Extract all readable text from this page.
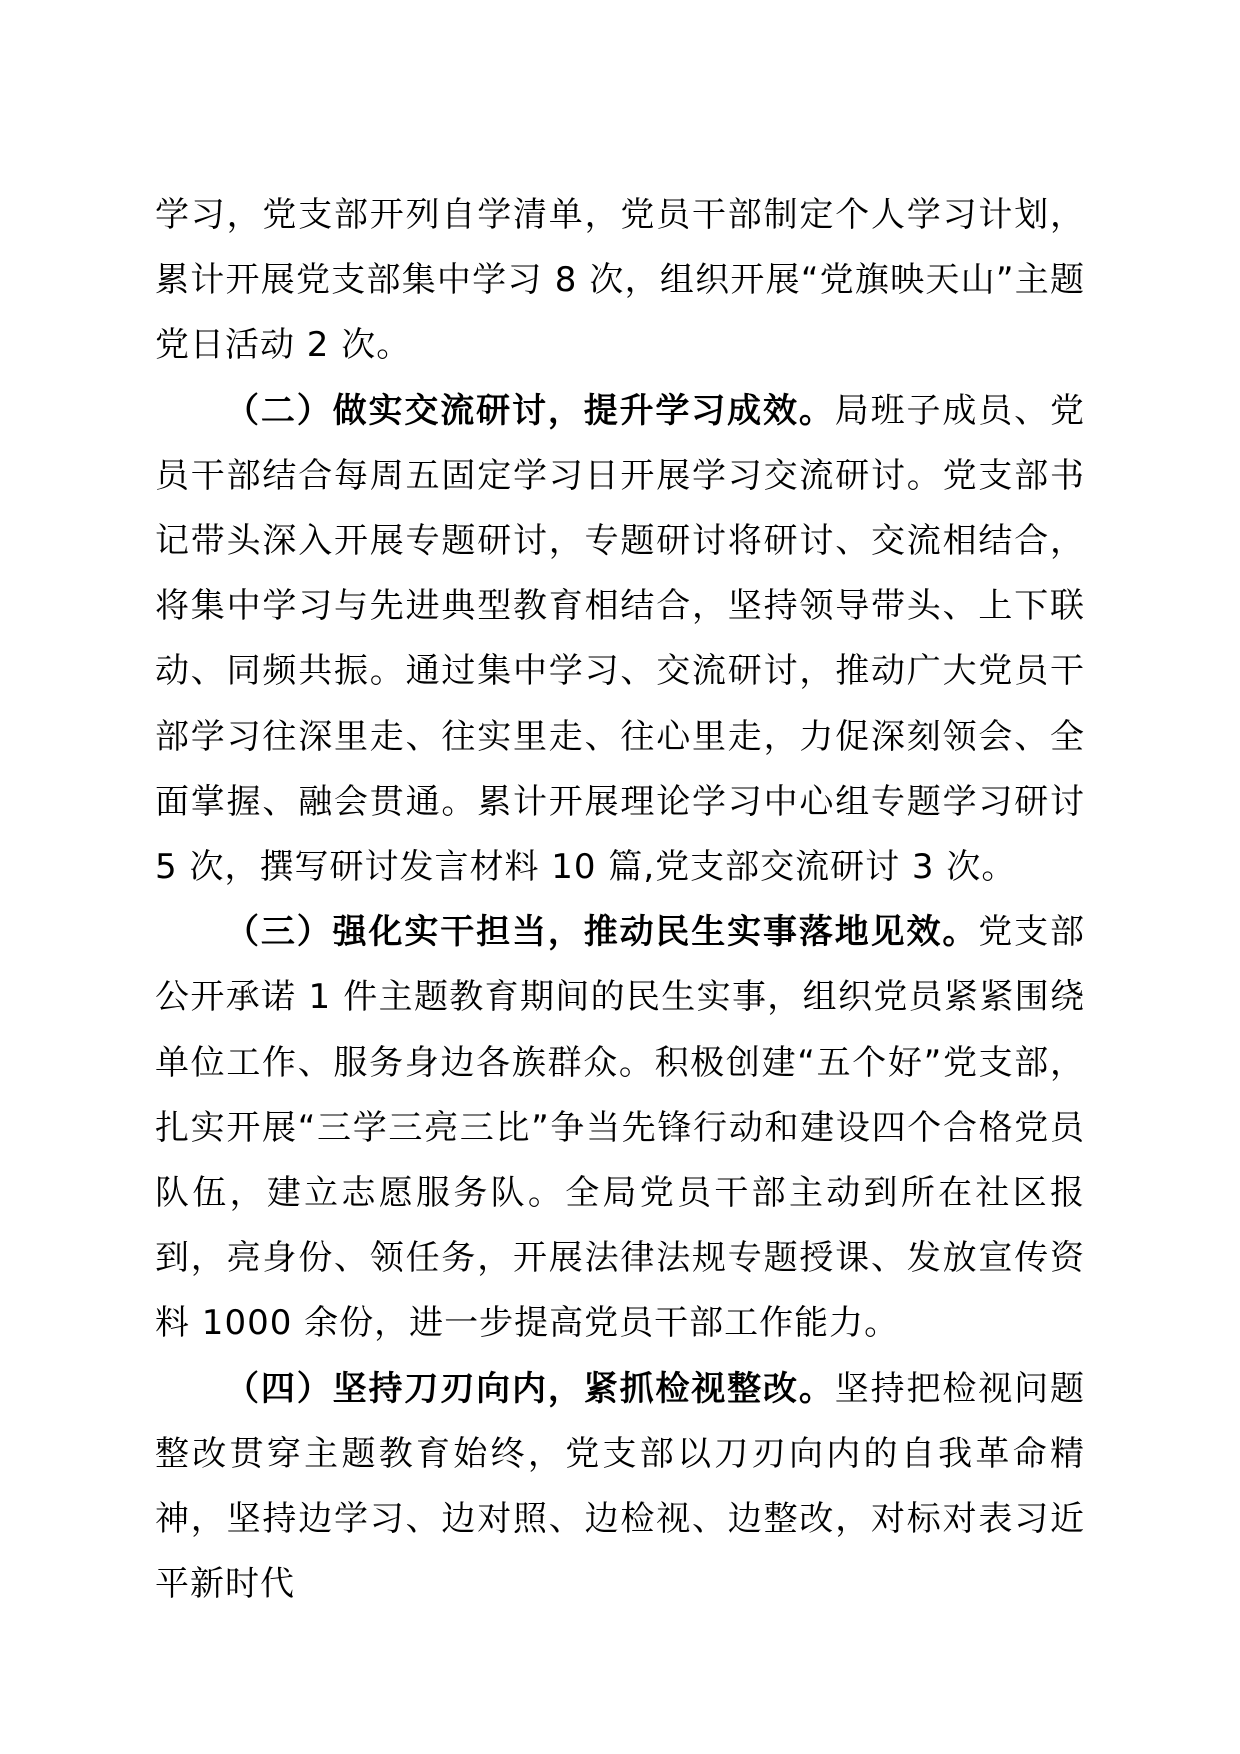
学习，党支部开列自学清单，党员干部制定个人学习计划，累计开展党支部集中学习 8 次，组织开展“党旗映天山”主题党日活动 2 次。

（二）做实交流研讨，提升学习成效。局班子成员、党员干部结合每周五固定学习日开展学习交流研讨。党支部书记带头深入开展专题研讨，专题研讨将研讨、交流相结合，将集中学习与先进典型教育相结合，坚持领导带头、上下联动、同频共振。通过集中学习、交流研讨，推动广大党员干部学习往深里走、往实里走、往心里走，力促深刻领会、全面掌握、融会贯通。累计开展理论学习中心组专题学习研讨 5 次，撰写研讨发言材料 10 篇,党支部交流研讨 3 次。

（三）强化实干担当，推动民生实事落地见效。党支部公开承诺 1 件主题教育期间的民生实事，组织党员紧紧围绕单位工作、服务身边各族群众。积极创建“五个好”党支部，扎实开展“三学三亮三比”争当先锋行动和建设四个合格党员队伍，建立志愿服务队。全局党员干部主动到所在社区报到，亮身份、领任务，开展法律法规专题授课、发放宣传资料 1000 余份，进一步提高党员干部工作能力。

（四）坚持刀刃向内，紧抓检视整改。坚持把检视问题整改贯穿主题教育始终，党支部以刀刃向内的自我革命精神，坚持边学习、边对照、边检视、边整改，对标对表习近平新时代
